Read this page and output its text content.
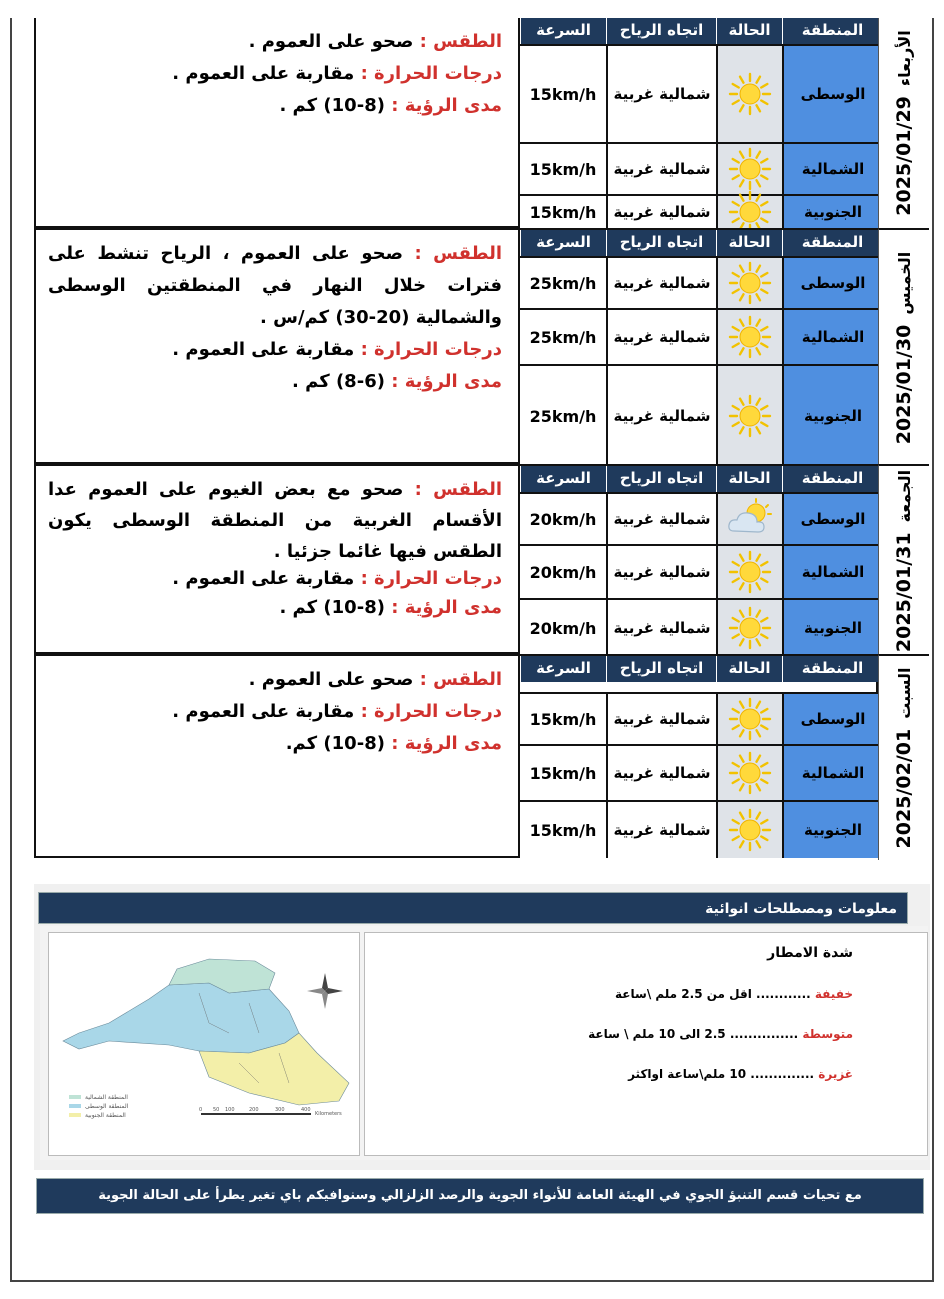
الطقس : صحو على العموم .

درجات الحرارة : مقاربة على العموم .

مدى الرؤية : (8-10) كم .

السرعة	اتجاه الرياح	الحالة	المنطقة
15km/h	شمالية غربية	الوسطى
15km/h	شمالية غربية	الشمالية
15km/h	شمالية غربية	الجنوبية	2025/01/29الأربعاء

الطقس : صحو على العموم ، الرياح تنشط على فترات خلال النهار في المنطقتين الوسطى والشمالية (20-30) كم/س .

درجات الحرارة : مقاربة على العموم .

مدى الرؤية : (6-8) كم .

السرعة	اتجاه الرياح	الحالة	المنطقة
25km/h	شمالية غربية	الوسطى
25km/h	شمالية غربية	الشمالية
25km/h	شمالية غربية	الجنوبية	2025/01/30الخميس

الطقس : صحو مع بعض الغيوم على العموم عدا الأقسام الغربية من المنطقة الوسطى يكون الطقس فيها غائما جزئيا .

درجات الحرارة : مقاربة على العموم .

مدى الرؤية : (8-10) كم .

السرعة	اتجاه الرياح	الحالة	المنطقة
20km/h	شمالية غربية	الوسطى
20km/h	شمالية غربية	الشمالية
20km/h	شمالية غربية	الجنوبية	2025/01/31الجمعة

الطقس : صحو على العموم .

درجات الحرارة : مقاربة على العموم .

مدى الرؤية : (8-10) كم.

السرعة	اتجاه الرياح	الحالة	المنطقة
15km/h	شمالية غربية	الوسطى
15km/h	شمالية غربية	الشمالية
15km/h	شمالية غربية	الجنوبية	2025/02/01السبت
معلومات ومصطلحات انوائية
المنطقة الشمالية
المنطقة الوسطى
المنطقة الجنوبية
0 50 100	200	300	400
Kilometers
شدة الامطار
خفيفة ............ اقل من 2.5 ملم \ساعة
متوسطة ............... 2.5 الى 10 ملم \ ساعة
غزيرة .............. 10 ملم\ساعة اواكثر
مع تحيات قسم التنبؤ الجوي في الهيئة العامة للأنواء الجوية والرصد الزلزالي وسنوافيكم باي تغير يطرأ على الحالة الجوية
